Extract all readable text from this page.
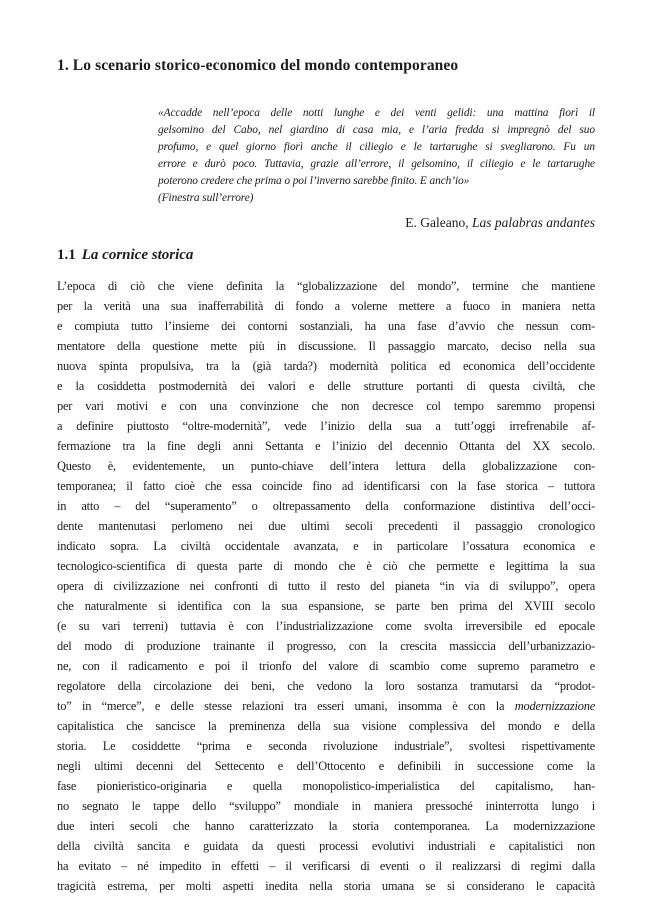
1. Lo scenario storico-economico del mondo contemporaneo
«Accadde nell’epoca delle notti lunghe e dei venti gelidi: una mattina fiorì il
gelsomino del Cabo, nel giardino di casa mia, e l’aria fredda si impregnò del suo
profumo, e quel giorno fiorì anche il ciliegio e le tartarughe si svegliarono. Fu un
errore e durò poco. Tuttavia, grazie all’errore, il gelsomino, il ciliegio e le tartarughe
poterono credere che prima o poi l’inverno sarebbe finito. E anch’io»
(Finestra sull’errore)
E. Galeano, Las palabras andantes
1.1 La cornice storica
L’epoca di ciò che viene definita la “globalizzazione del mondo”, termine che mantiene
per la verità una sua inafferrabilità di fondo a volerne mettere a fuoco in maniera netta
e compiuta tutto l’insieme dei contorni sostanziali, ha una fase d’avvio che nessun com-
mentatore della questione mette più in discussione. Il passaggio marcato, deciso nella sua
nuova spinta propulsiva, tra la (già tarda?) modernità politica ed economica dell’occidente
e la cosiddetta postmodernità dei valori e delle strutture portanti di questa civiltà, che
per vari motivi e con una convinzione che non decresce col tempo saremmo propensi
a definire piuttosto “oltre-modernità”, vede l’inizio della sua a tutt’oggi irrefrenabile af-
fermazione tra la fine degli anni Settanta e l’inizio del decennio Ottanta del XX secolo.
Questo è, evidentemente, un punto-chiave dell’intera lettura della globalizzazione con-
temporanea; il fatto cioè che essa coincide fino ad identificarsi con la fase storica – tuttora
in atto – del “superamento” o oltrepassamento della conformazione distintiva dell’occi-
dente mantenutasi perlomeno nei due ultimi secoli precedenti il passaggio cronologico
indicato sopra. La civiltà occidentale avanzata, e in particolare l’ossatura economica e
tecnologico-scientifica di questa parte di mondo che è ciò che permette e legittima la sua
opera di civilizzazione nei confronti di tutto il resto del pianeta “in via di sviluppo”, opera
che naturalmente si identifica con la sua espansione, se parte ben prima del XVIII secolo
(e su vari terreni) tuttavia è con l’industrializzazione come svolta irreversibile ed epocale
del modo di produzione trainante il progresso, con la crescita massiccia dell’urbanizzazio-
ne, con il radicamento e poi il trionfo del valore di scambio come supremo parametro e
regolatore della circolazione dei beni, che vedono la loro sostanza tramutarsi da “prodot-
to” in “merce”, e delle stesse relazioni tra esseri umani, insomma è con la modernizzazione
capitalistica che sancisce la preminenza della sua visione complessiva del mondo e della
storia. Le cosiddette “prima e seconda rivoluzione industriale”, svoltesi rispettivamente
negli ultimi decenni del Settecento e dell’Ottocento e definibili in successione come la
fase pionieristico-originaria e quella monopolistico-imperialistica del capitalismo, han-
no segnato le tappe dello “sviluppo” mondiale in maniera pressoché ininterrotta lungo i
due interi secoli che hanno caratterizzato la storia contemporanea. La modernizzazione
della civiltà sancita e guidata da questi processi evolutivi industriali e capitalistici non
ha evitato – né impedito in effetti – il verificarsi di eventi o il realizzarsi di regimi dalla
tragicità estrema, per molti aspetti inedita nella storia umana se si considerano le capacità
